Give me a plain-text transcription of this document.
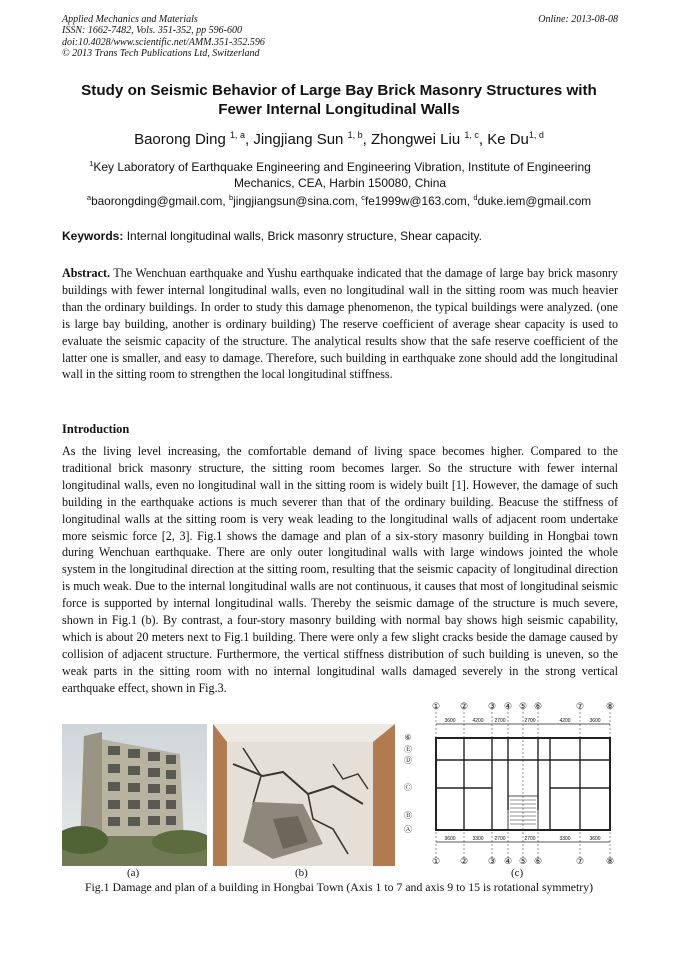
Applied Mechanics and Materials
ISSN: 1662-7482, Vols. 351-352, pp 596-600
doi:10.4028/www.scientific.net/AMM.351-352.596
© 2013 Trans Tech Publications Ltd, Switzerland
Online: 2013-08-08
Study on Seismic Behavior of Large Bay Brick Masonry Structures with
Fewer Internal Longitudinal Walls
Baorong Ding $^{1, a}$, Jingjiang Sun $^{1, b}$, Zhongwei Liu $^{1, c}$, Ke Du$^{1, d}$
$^1$Key Laboratory of Earthquake Engineering and Engineering Vibration, Institute of Engineering
Mechanics, CEA, Harbin 150080, China
$^a$baorongding@gmail.com, $^b$jingjiangsun@sina.com, $^c$fe1999w@163.com, $^d$duke.iem@gmail.com
Keywords: Internal longitudinal walls, Brick masonry structure, Shear capacity.
Abstract. The Wenchuan earthquake and Yushu earthquake indicated that the damage of large bay brick masonry buildings with fewer internal longitudinal walls, even no longitudinal wall in the sitting room was much heavier than the ordinary buildings. In order to study this damage phenomenon, the typical buildings were analyzed. (one is large bay building, another is ordinary building) The reserve coefficient of average shear capacity is used to evaluate the seismic capacity of the structure. The analytical results show that the safe reserve coefficient of the latter one is smaller, and easy to damage. Therefore, such building in earthquake zone should add the longitudinal wall in the sitting room to strengthen the local longitudinal stiffness.
Introduction
As the living level increasing, the comfortable demand of living space becomes higher. Compared to the traditional brick masonry structure, the sitting room becomes larger. So the structure with fewer internal longitudinal walls, even no longitudinal wall in the sitting room is widely built [1]. However, the damage of such building in the earthquake actions is much severer than that of the ordinary building. Beacuse the stiffness of longitudinal walls at the sitting room is very weak leading to the longitudinal walls of adjacent room undertake more seismic force [2, 3]. Fig.1 shows the damage and plan of a six-story masonry building in Hongbai town during Wenchuan earthquake. There are only outer longitudinal walls with large windows jointed the whole system in the longitudinal direction at the sitting room, resulting that the seismic capacity of longitudinal direction is much weak. Due to the internal longitudinal walls are not continuous, it causes that most of longitudinal seismic force is supported by internal longitudinal walls. Thereby the seismic damage of the structure is much severe, shown in Fig.1 (b). By contrast, a four-story masonry building with normal bay shows high seismic capability, which is about 20 meters next to Fig.1 building. There were only a few slight cracks beside the damage caused by collision of adjacent structure. Furthermore, the vertical stiffness distribution of such building is uneven, so the weak parts in the sitting room with no internal longitudinal walls damaged severely in the strong vertical earthquake effect, shown in Fig.3.
① ② ③ ④ ⑤ ⑥	⑦ ⑧
① ② ③ ④ ⑤ ⑥	⑦ ⑧
3600	4200 2700	2700	4200	3600
3600	3300 2700	2700	3300	3600
⑥
Ⓔ
Ⓓ
Ⓒ
Ⓑ
Ⓐ
(a)	(b)	(c)
Fig.1 Damage and plan of a building in Hongbai Town (Axis 1 to 7 and axis 9 to 15 is rotational symmetry)
